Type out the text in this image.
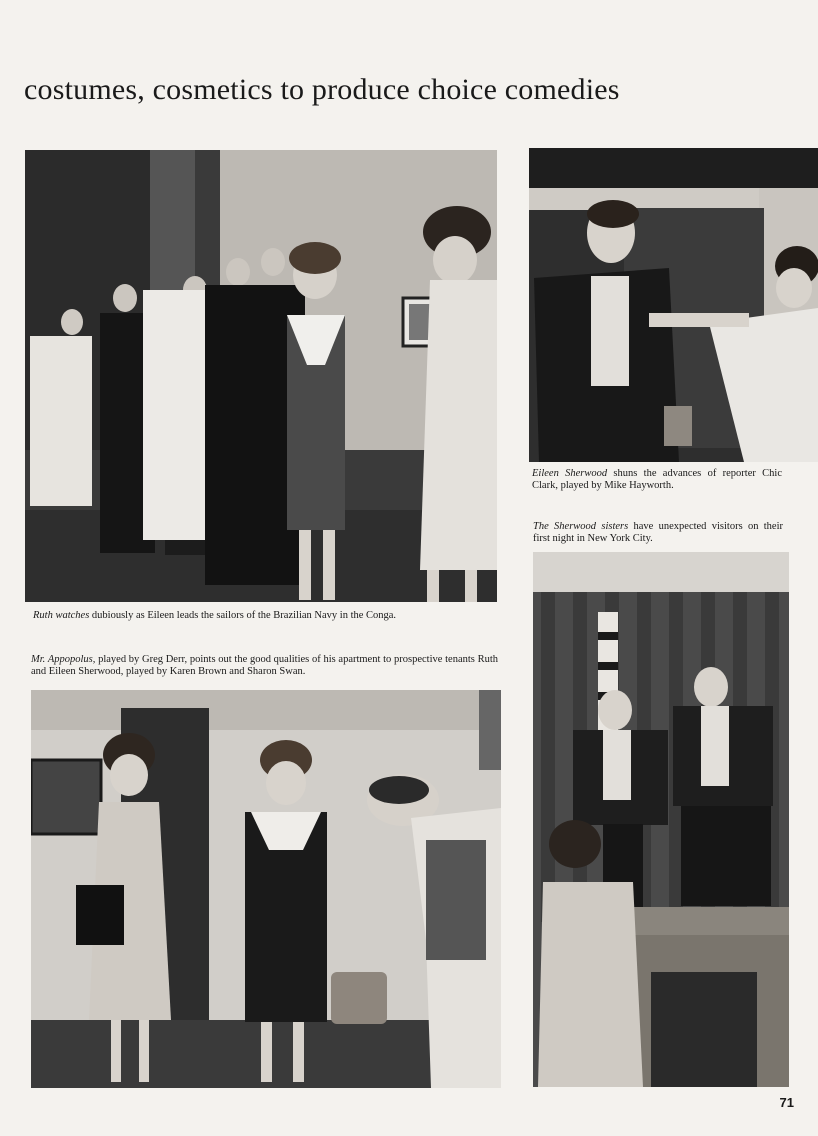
costumes, cosmetics to produce choice comedies

Ruth watches dubiously as Eileen leads the sailors of the Brazilian Navy in the Conga.

Mr. Appopolus, played by Greg Derr, points out the good qualities of his apartment to prospective tenants Ruth and Eileen Sherwood, played by Karen Brown and Sharon Swan.

Eileen Sherwood shuns the advances of reporter Chic Clark, played by Mike Hayworth.

The Sherwood sisters have unexpected visitors on their first night in New York City.

71
